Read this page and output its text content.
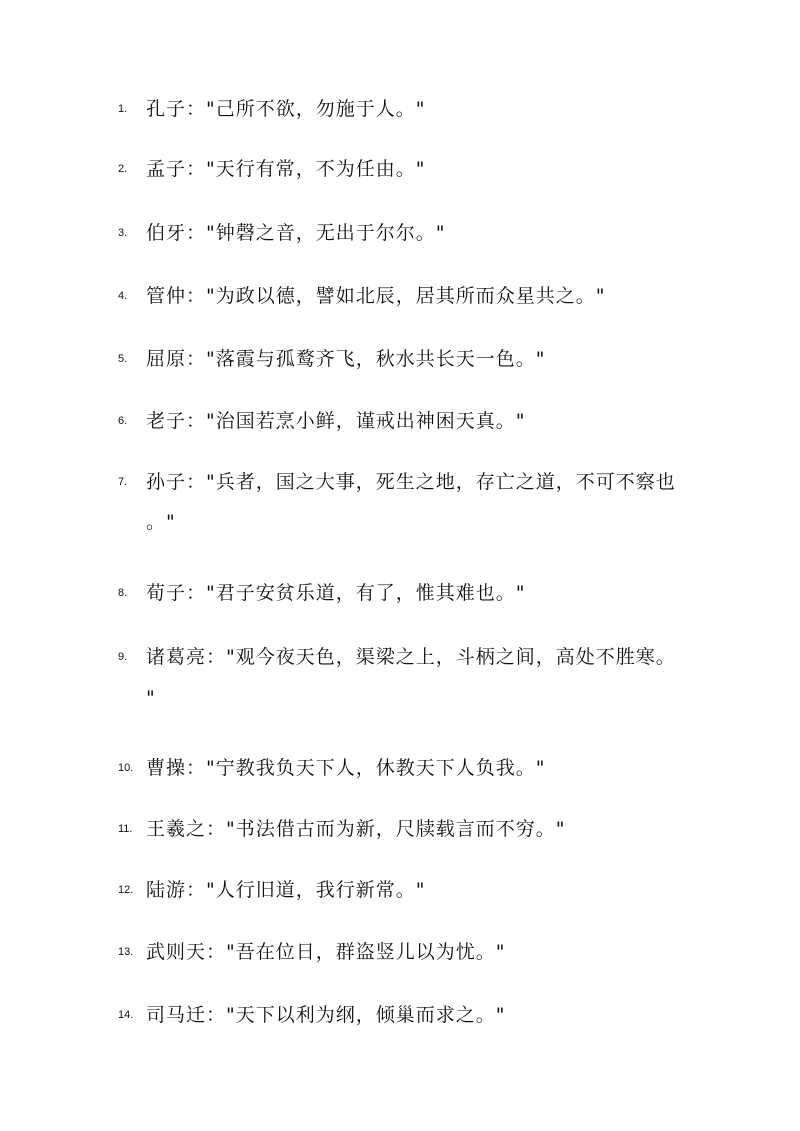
1. 孔子："己所不欲，勿施于人。"
2. 孟子："天行有常，不为任由。"
3. 伯牙："钟磬之音，无出于尔尔。"
4. 管仲："为政以德，譬如北辰，居其所而众星共之。"
5. 屈原："落霞与孤鹜齐飞，秋水共长天一色。"
6. 老子："治国若烹小鲜，谨戒出神困天真。"
7. 孙子："兵者，国之大事，死生之地，存亡之道，不可不察也
。"
8. 荀子："君子安贫乐道，有了，惟其难也。"
9. 诸葛亮："观今夜天色，渠梁之上，斗柄之间，高处不胜寒。
"
10. 曹操："宁教我负天下人，休教天下人负我。"
11. 王羲之："书法借古而为新，尺牍载言而不穷。"
12. 陆游："人行旧道，我行新常。"
13. 武则天："吾在位日，群盗竖儿以为忧。"
14. 司马迁："天下以利为纲，倾巢而求之。"
